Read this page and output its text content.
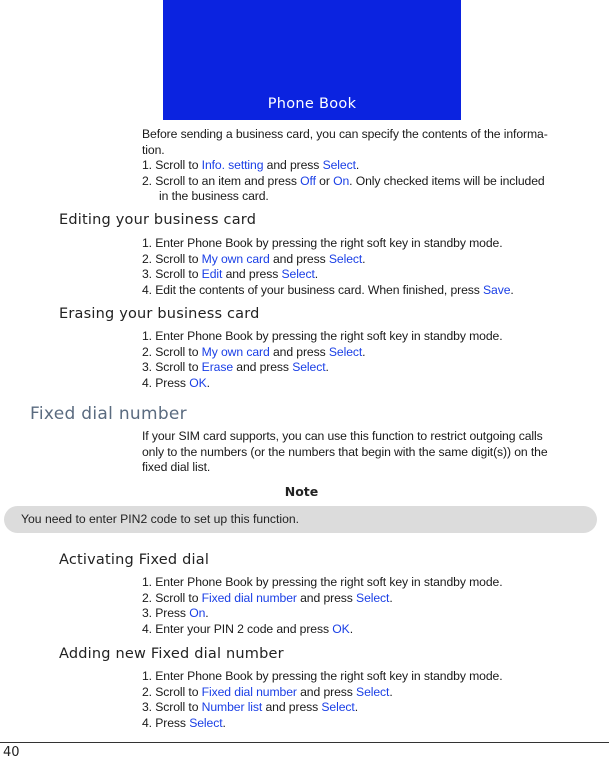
Phone Book
Before sending a business card, you can specify the contents of the informa-
tion.
1. Scroll to Info. setting and press Select.
2. Scroll to an item and press Off or On. Only checked items will be included
in the business card.
Editing your business card
1. Enter Phone Book by pressing the right soft key in standby mode.
2. Scroll to My own card and press Select.
3. Scroll to Edit and press Select.
4. Edit the contents of your business card. When finished, press Save.
Erasing your business card
1. Enter Phone Book by pressing the right soft key in standby mode.
2. Scroll to My own card and press Select.
3. Scroll to Erase and press Select.
4. Press OK.
Fixed dial number
If your SIM card supports, you can use this function to restrict outgoing calls
only to the numbers (or the numbers that begin with the same digit(s)) on the
fixed dial list.
Note
You need to enter PIN2 code to set up this function.
Activating Fixed dial
1. Enter Phone Book by pressing the right soft key in standby mode.
2. Scroll to Fixed dial number and press Select.
3. Press On.
4. Enter your PIN 2 code and press OK.
Adding new Fixed dial number
1. Enter Phone Book by pressing the right soft key in standby mode.
2. Scroll to Fixed dial number and press Select.
3. Scroll to Number list and press Select.
4. Press Select.
40
